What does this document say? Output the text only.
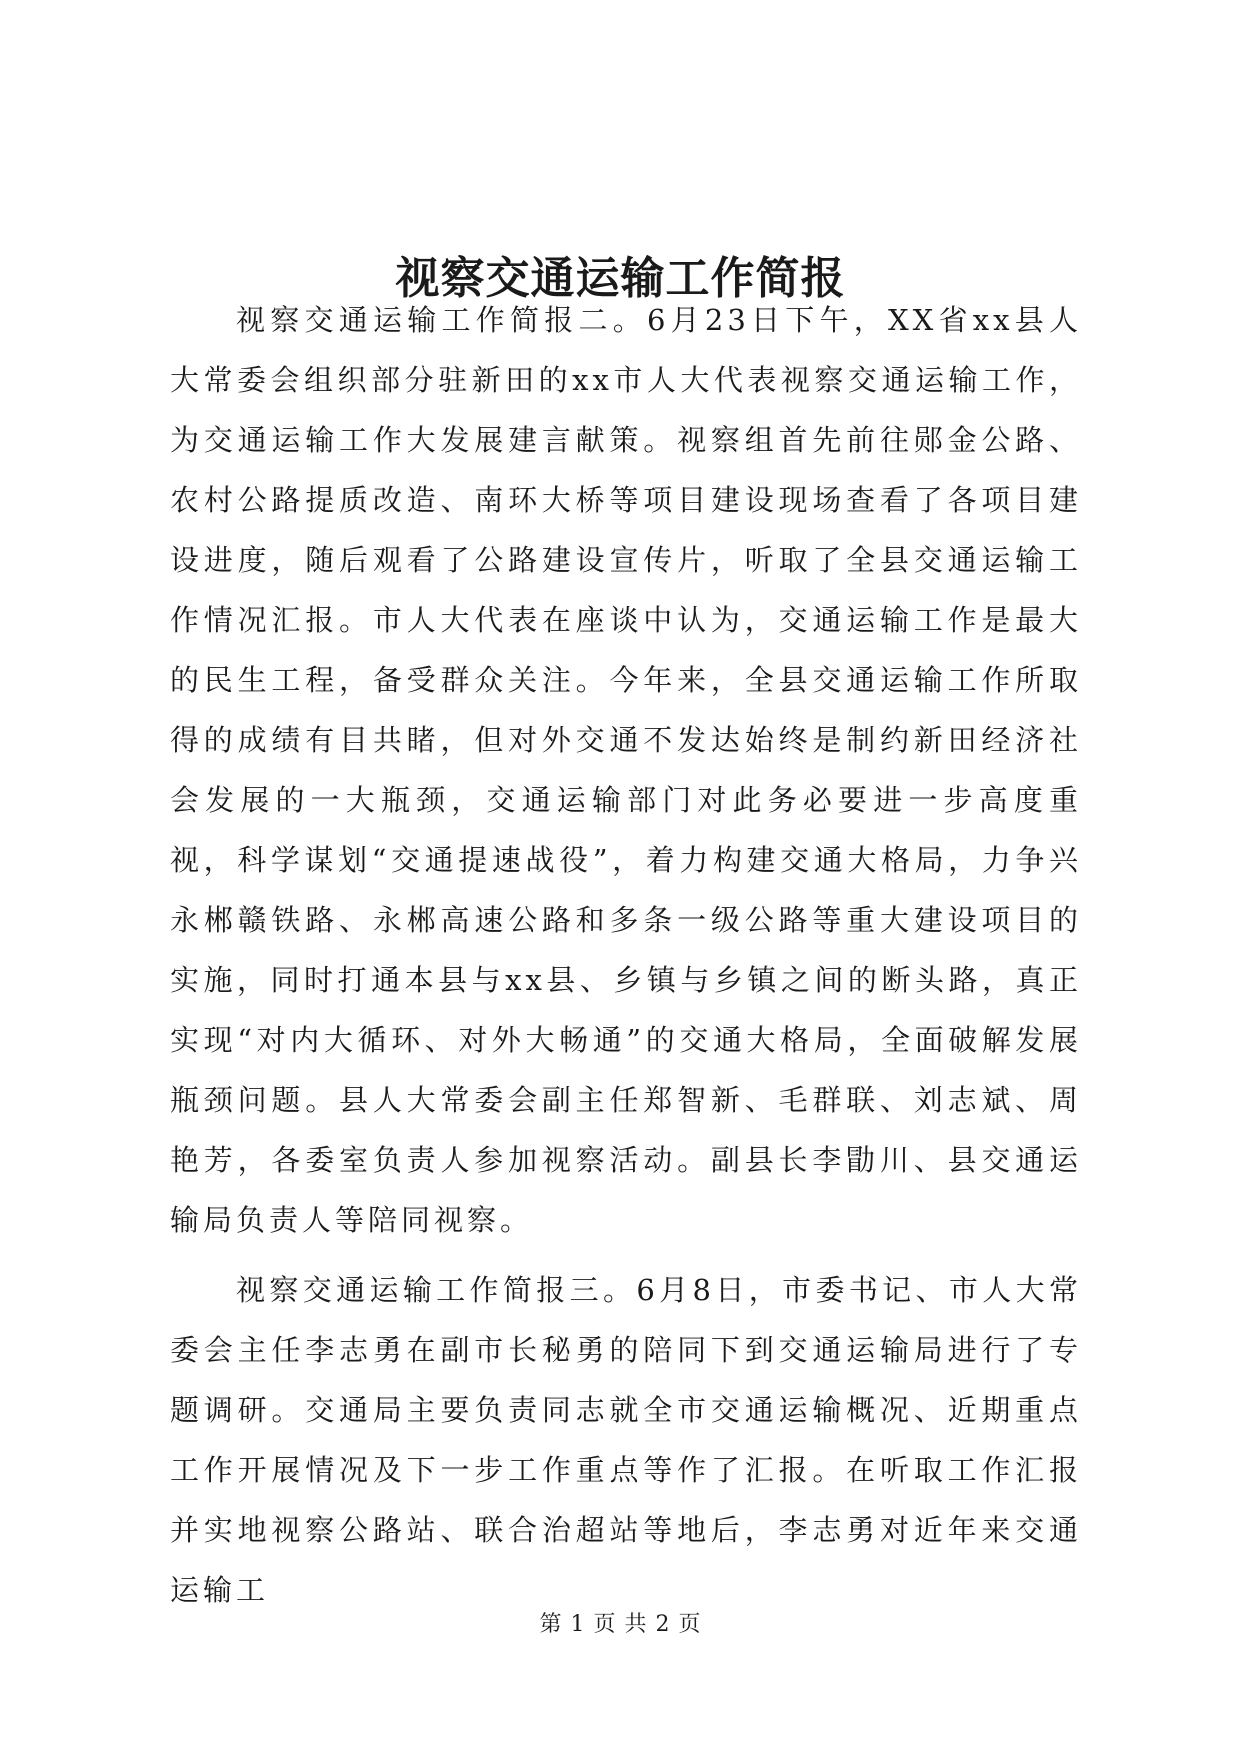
视察交通运输工作简报

视察交通运输工作简报二。6月23日下午，XX省xx县人大常委会组织部分驻新田的xx市人大代表视察交通运输工作，为交通运输工作大发展建言献策。视察组首先前往郧金公路、农村公路提质改造、南环大桥等项目建设现场查看了各项目建设进度，随后观看了公路建设宣传片，听取了全县交通运输工作情况汇报。市人大代表在座谈中认为，交通运输工作是最大的民生工程，备受群众关注。今年来，全县交通运输工作所取得的成绩有目共睹，但对外交通不发达始终是制约新田经济社会发展的一大瓶颈，交通运输部门对此务必要进一步高度重视，科学谋划“交通提速战役”，着力构建交通大格局，力争兴永郴赣铁路、永郴高速公路和多条一级公路等重大建设项目的实施，同时打通本县与xx县、乡镇与乡镇之间的断头路，真正实现“对内大循环、对外大畅通”的交通大格局，全面破解发展瓶颈问题。县人大常委会副主任郑智新、毛群联、刘志斌、周艳芳，各委室负责人参加视察活动。副县长李勖川、县交通运输局负责人等陪同视察。

视察交通运输工作简报三。6月8日，市委书记、市人大常委会主任李志勇在副市长秘勇的陪同下到交通运输局进行了专题调研。交通局主要负责同志就全市交通运输概况、近期重点工作开展情况及下一步工作重点等作了汇报。在听取工作汇报并实地视察公路站、联合治超站等地后，李志勇对近年来交通运输工

第 1 页 共 2 页
